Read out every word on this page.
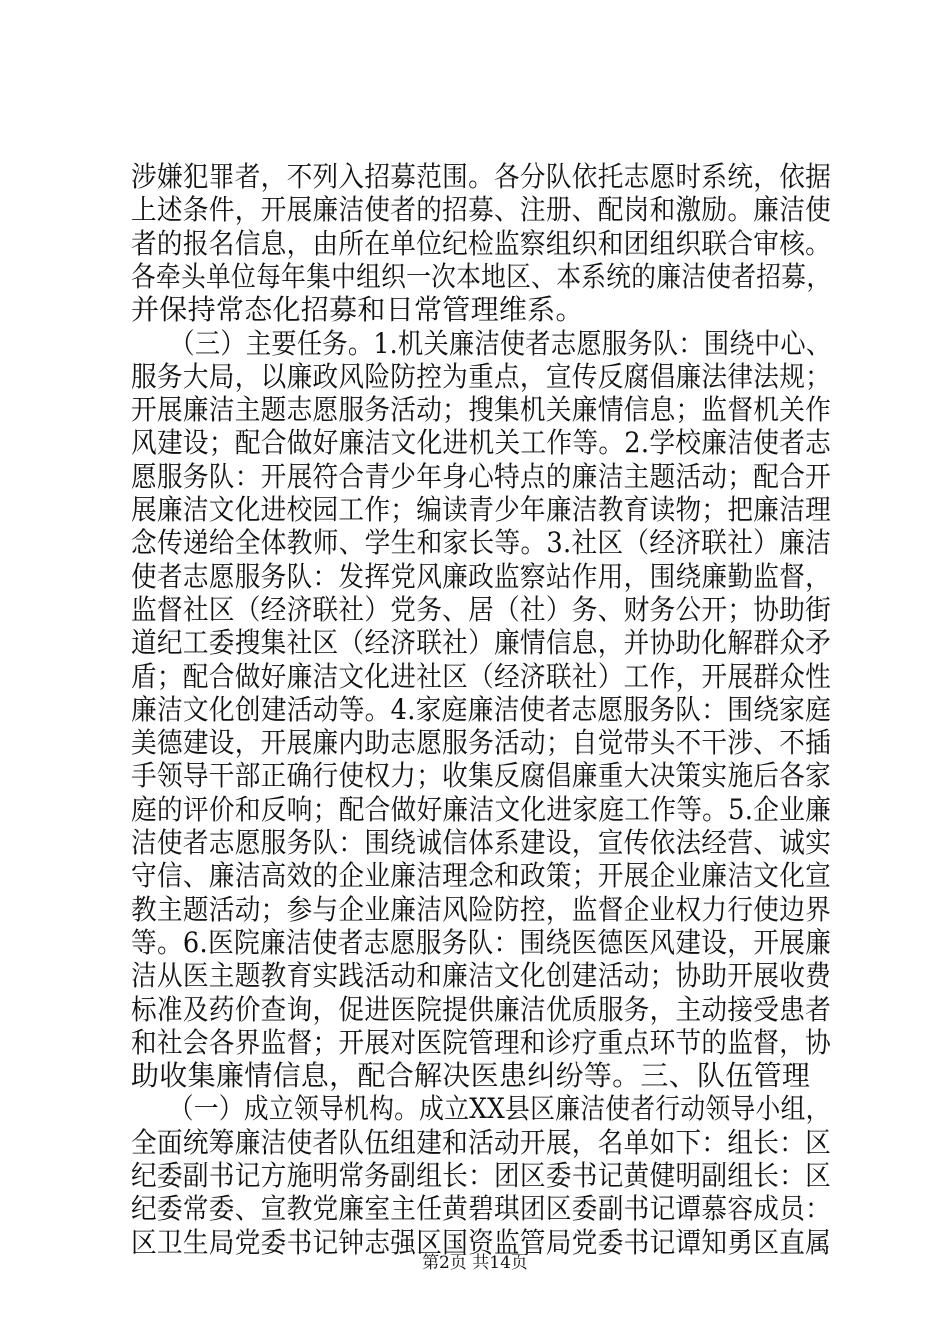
涉嫌犯罪者，不列入招募范围。各分队依托志愿时系统，依据

上述条件，开展廉洁使者的招募、注册、配岗和激励。廉洁使

者的报名信息，由所在单位纪检监察组织和团组织联合审核。

各牵头单位每年集中组织一次本地区、本系统的廉洁使者招募，

并保持常态化招募和日常管理维系。

　　（三）主要任务。1.机关廉洁使者志愿服务队：围绕中心、

服务大局，以廉政风险防控为重点，宣传反腐倡廉法律法规；

开展廉洁主题志愿服务活动；搜集机关廉情信息；监督机关作

风建设；配合做好廉洁文化进机关工作等。2.学校廉洁使者志

愿服务队：开展符合青少年身心特点的廉洁主题活动；配合开

展廉洁文化进校园工作；编读青少年廉洁教育读物；把廉洁理

念传递给全体教师、学生和家长等。3.社区（经济联社）廉洁

使者志愿服务队：发挥党风廉政监察站作用，围绕廉勤监督，

监督社区（经济联社）党务、居（社）务、财务公开；协助街

道纪工委搜集社区（经济联社）廉情信息，并协助化解群众矛

盾；配合做好廉洁文化进社区（经济联社）工作，开展群众性

廉洁文化创建活动等。4.家庭廉洁使者志愿服务队：围绕家庭

美德建设，开展廉内助志愿服务活动；自觉带头不干涉、不插

手领导干部正确行使权力；收集反腐倡廉重大决策实施后各家

庭的评价和反响；配合做好廉洁文化进家庭工作等。5.企业廉

洁使者志愿服务队：围绕诚信体系建设，宣传依法经营、诚实

守信、廉洁高效的企业廉洁理念和政策；开展企业廉洁文化宣

教主题活动；参与企业廉洁风险防控，监督企业权力行使边界

等。6.医院廉洁使者志愿服务队：围绕医德医风建设，开展廉

洁从医主题教育实践活动和廉洁文化创建活动；协助开展收费

标准及药价查询，促进医院提供廉洁优质服务，主动接受患者

和社会各界监督；开展对医院管理和诊疗重点环节的监督，协

助收集廉情信息，配合解决医患纠纷等。三、队伍管理

　　（一）成立领导机构。成立XX县区廉洁使者行动领导小组，

全面统筹廉洁使者队伍组建和活动开展，名单如下：组长：区

纪委副书记方施明常务副组长：团区委书记黄健明副组长：区

纪委常委、宣教党廉室主任黄碧琪团区委副书记谭慕容成员：

区卫生局党委书记钟志强区国资监管局党委书记谭知勇区直属

第2页 共14页
